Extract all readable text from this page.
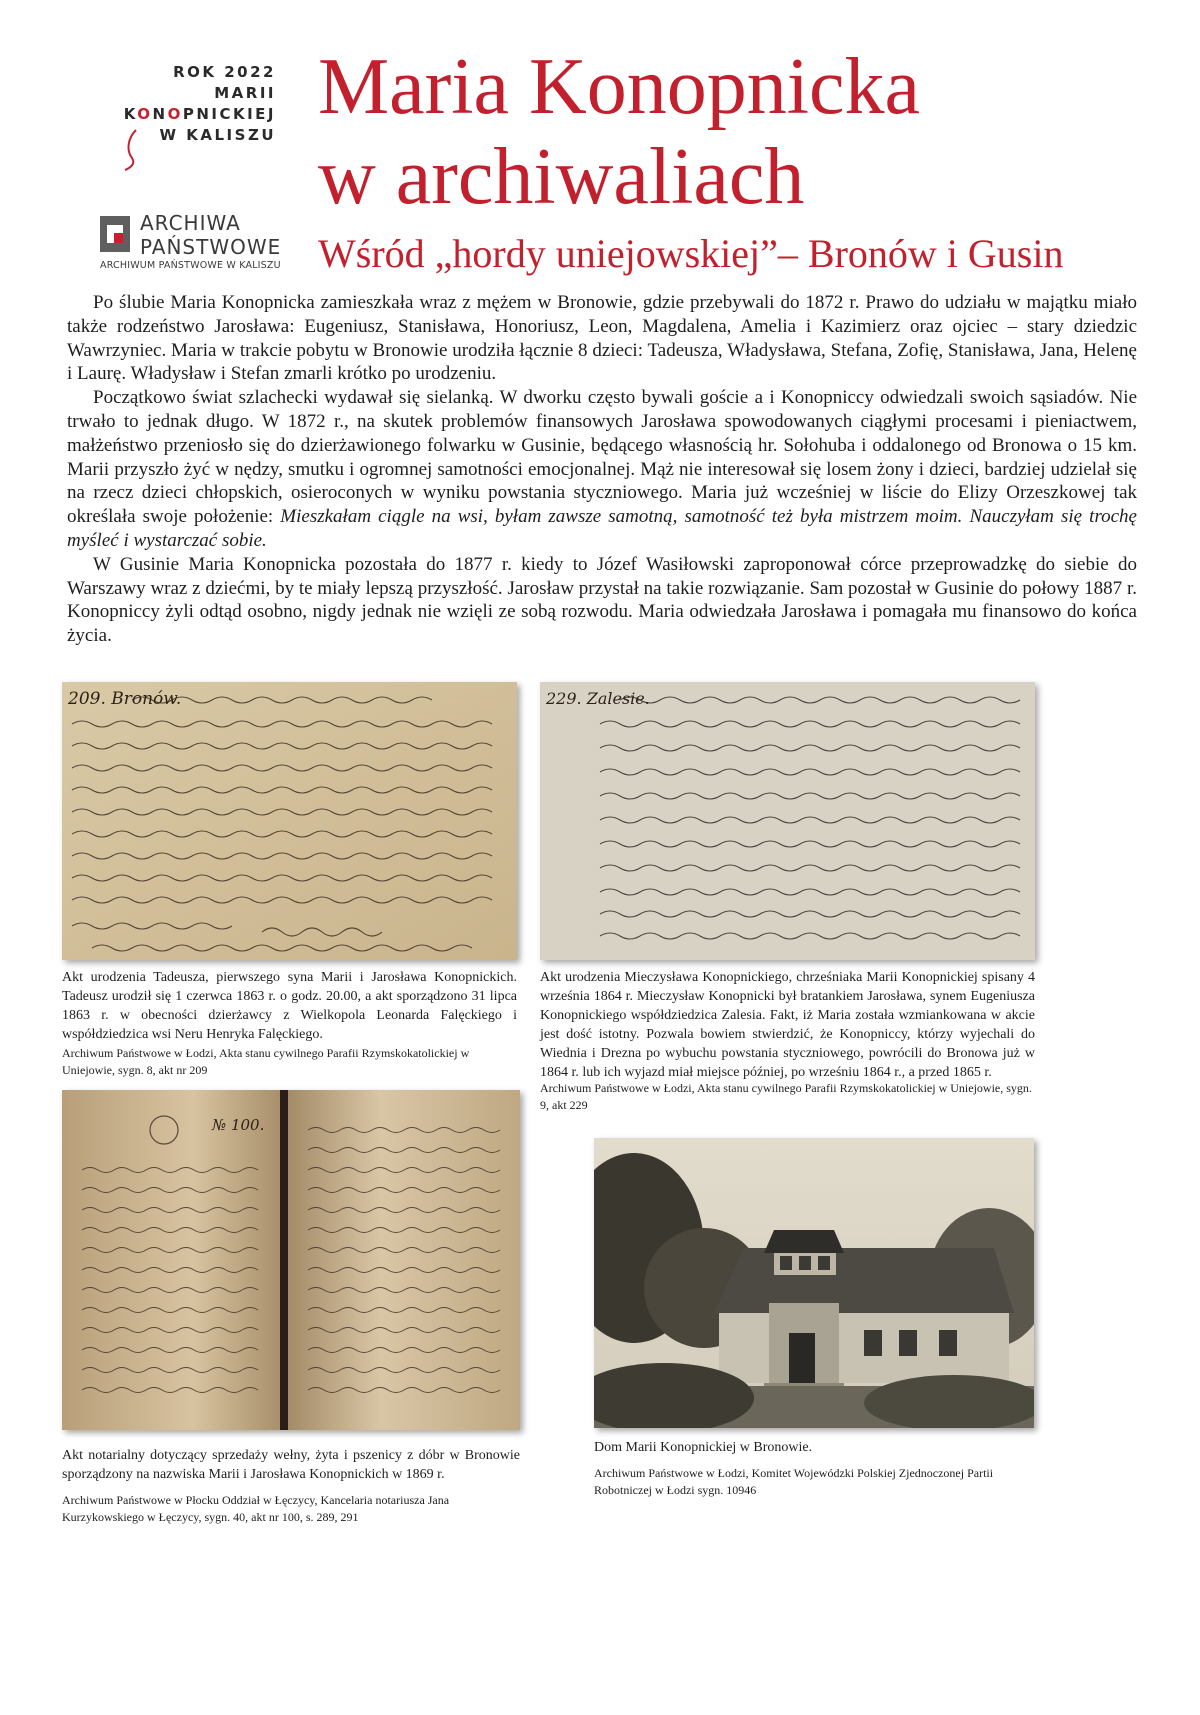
ROK 2022
MARII
KONOPNICKIEJ
W KALISZU
ARCHIWA
PAŃSTWOWE
ARCHIWUM PAŃSTWOWE W KALISZU
Maria Konopnicka
w archiwaliach
Wśród „hordy uniejowskiej”– Bronów i Gusin

Po ślubie Maria Konopnicka zamieszkała wraz z mężem w Bronowie, gdzie przebywali do 1872 r. Prawo do udziału w majątku miało także rodzeństwo Jarosława: Eugeniusz, Stanisława, Honoriusz, Leon, Magdalena, Amelia i Kazimierz oraz ojciec – stary dziedzic Wawrzyniec. Maria w trakcie pobytu w Bronowie urodziła łącznie 8 dzieci: Tadeusza, Władysława, Stefana, Zofię, Stanisława, Jana, Helenę i Laurę. Władysław i Stefan zmarli krótko po urodzeniu.

Początkowo świat szlachecki wydawał się sielanką. W dworku często bywali goście a i Konopniccy odwiedzali swoich sąsiadów. Nie trwało to jednak długo. W 1872 r., na skutek problemów finansowych Jarosława spowodowanych ciągłymi procesami i pieniactwem, małżeństwo przeniosło się do dzierżawionego folwarku w Gusinie, będącego własnością hr. Sołohuba i oddalonego od Bronowa o 15 km. Marii przyszło żyć w nędzy, smutku i ogromnej samotności emocjonalnej. Mąż nie interesował się losem żony i dzieci, bardziej udzielał się na rzecz dzieci chłopskich, osieroconych w wyniku powstania styczniowego. Maria już wcześniej w liście do Elizy Orzeszkowej tak określała swoje położenie: Mieszkałam ciągle na wsi, byłam zawsze samotną, samotność też była mistrzem moim. Nauczyłam się trochę myśleć i wystarczać sobie.

W Gusinie Maria Konopnicka pozostała do 1877 r. kiedy to Józef Wasiłowski zaproponował córce przeprowadzkę do siebie do Warszawy wraz z dziećmi, by te miały lepszą przyszłość. Jarosław przystał na takie rozwiązanie. Sam pozostał w Gusinie do połowy 1887 r. Konopniccy żyli odtąd osobno, nigdy jednak nie wzięli ze sobą rozwodu. Maria odwiedzała Jarosława i pomagała mu finansowo do końca życia.

209. Bronów.

Akt urodzenia Tadeusza, pierwszego syna Marii i Jarosława Konopnickich. Tadeusz urodził się 1 czerwca 1863 r. o godz. 20.00, a akt sporządzono 31 lipca 1863 r. w obecności dzierżawcy z Wielkopola Leonarda Falęckiego i współdziedzica wsi Neru Henryka Falęckiego.

Archiwum Państwowe w Łodzi, Akta stanu cywilnego Parafii Rzymskokatolickiej w Uniejowie, sygn. 8, akt nr 209

229. Zalesie.

Akt urodzenia Mieczysława Konopnickiego, chrześniaka Marii Konopnickiej spisany 4 września 1864 r. Mieczysław Konopnicki był bratankiem Jarosława, synem Eugeniusza Konopnickiego współdziedzica Zalesia. Fakt, iż Maria została wzmiankowana w akcie jest dość istotny. Pozwala bowiem stwierdzić, że Konopniccy, którzy wyjechali do Wiednia i Drezna po wybuchu powstania styczniowego, powrócili do Bronowa już w 1864 r. lub ich wyjazd miał miejsce później, po wrześniu 1864 r., a przed 1865 r.

Archiwum Państwowe w Łodzi, Akta stanu cywilnego Parafii Rzymskokatolickiej w Uniejowie, sygn. 9, akt 229

№ 100.

Akt notarialny dotyczący sprzedaży wełny, żyta i pszenicy z dóbr w Bronowie sporządzony na nazwiska Marii i Jarosława Konopnickich w 1869 r.

Archiwum Państwowe w Płocku Oddział w Łęczycy, Kancelaria notariusza Jana Kurzykowskiego w Łęczycy, sygn. 40, akt nr 100, s. 289, 291

Dom Marii Konopnickiej w Bronowie.

Archiwum Państwowe w Łodzi, Komitet Wojewódzki Polskiej Zjednoczonej Partii Robotniczej w Łodzi sygn. 10946
